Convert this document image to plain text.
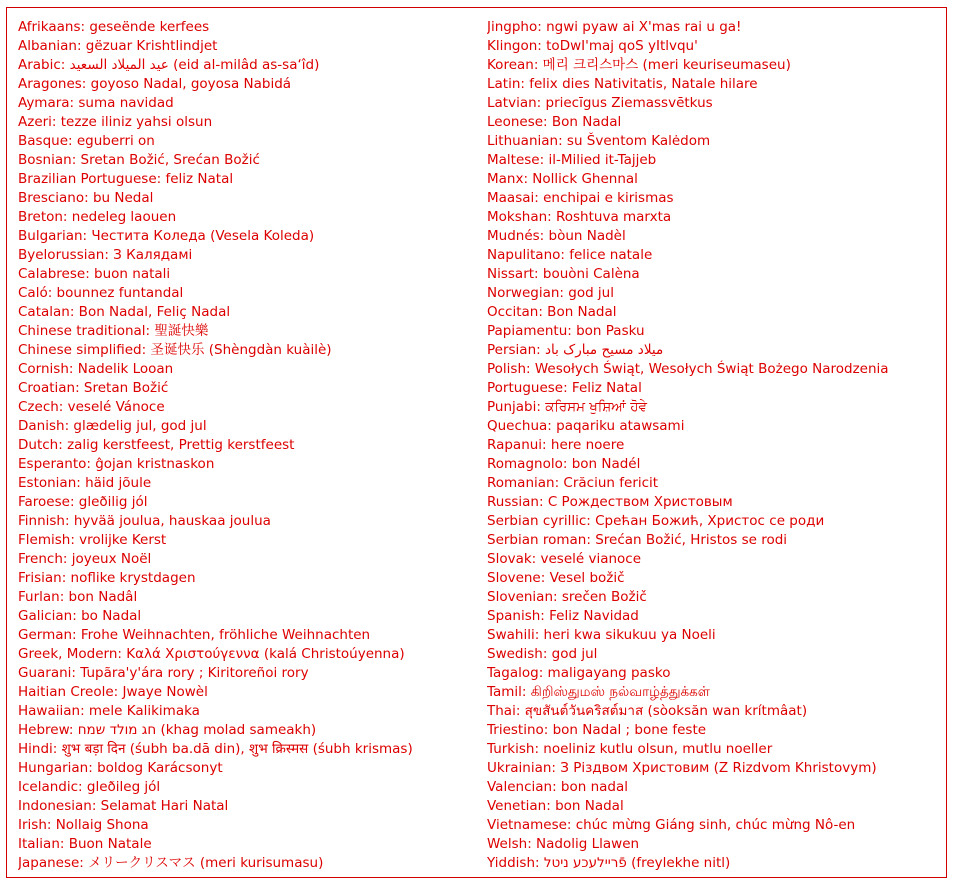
Afrikaans: geseënde kerfees
Albanian: gëzuar Krishtlindjet
Arabic: عيد الميلاد السعيد (eid al-milâd as-sa‘îd)
Aragones: goyoso Nadal, goyosa Nabidá
Aymara: suma navidad
Azeri: tezze iliniz yahsi olsun
Basque: eguberri on
Bosnian: Sretan Božić, Srećan Božić
Brazilian Portuguese: feliz Natal
Bresciano: bu Nedal
Breton: nedeleg laouen
Bulgarian: Честита Коледа (Vesela Koleda)
Byelorussian: З Калядамі
Calabrese: buon natali
Caló: bounnez funtandal
Catalan: Bon Nadal, Feliç Nadal
Chinese traditional: 聖誕快樂
Chinese simplified: 圣诞快乐 (Shèngdàn kuàilè)
Cornish: Nadelik Looan
Croatian: Sretan Božić
Czech: veselé Vánoce
Danish: glædelig jul, god jul
Dutch: zalig kerstfeest, Prettig kerstfeest
Esperanto: ĝojan kristnaskon
Estonian: häid jõule
Faroese: gleðilig jól
Finnish: hyvää joulua, hauskaa joulua
Flemish: vrolijke Kerst
French: joyeux Noël
Frisian: noflike krystdagen
Furlan: bon Nadâl
Galician: bo Nadal
German: Frohe Weihnachten, fröhliche Weihnachten
Greek, Modern: Καλά Χριστούγεννα (kalá Christoúyenna)
Guarani: Tupãra'y'ára rory ; Kiritoreñoi rory
Haitian Creole: Jwaye Nowèl
Hawaiian: mele Kalikimaka
Hebrew: חג מולד שמח (khag molad sameakh)
Hindi: शुभ बड़ा दिन (śubh ba.dā din), शुभ क्रिस्मस (śubh krismas)
Hungarian: boldog Karácsonyt
Icelandic: gleðileg jól
Indonesian: Selamat Hari Natal
Irish: Nollaig Shona
Italian: Buon Natale
Japanese: メリークリスマス (meri kurisumasu)
Jingpho: ngwi pyaw ai X'mas rai u ga!
Klingon: toDwI'maj qoS yItlvqu'
Korean: 메리 크리스마스 (meri keuriseumaseu)
Latin: felix dies Nativitatis, Natale hilare
Latvian: priecīgus Ziemassvētkus
Leonese: Bon Nadal
Lithuanian: su Šventom Kalėdom
Maltese: il-Milied it-Tajjeb
Manx: Nollick Ghennal
Maasai: enchipai e kirismas
Mokshan: Roshtuva marxta
Mudnés: bòun Nadèl
Napulitano: felice natale
Nissart: bouòni Calèna
Norwegian: god jul
Occitan: Bon Nadal
Papiamentu: bon Pasku
Persian: میلاد مسیح مبارک باد
Polish: Wesołych Świąt, Wesołych Świąt Bożego Narodzenia
Portuguese: Feliz Natal
Punjabi: ਕਰਿਸਮ ਖੁਸ਼ਿਆਂ ਹੋਵੇ
Quechua: paqariku atawsami
Rapanui: here noere
Romagnolo: bon Nadél
Romanian: Crăciun fericit
Russian: С Рождеством Христовым
Serbian cyrillic: Срећан Божић, Христос се роди
Serbian roman: Srećan Božić, Hristos se rodi
Slovak: veselé vianoce
Slovene: Vesel božič
Slovenian: srečen Božič
Spanish: Feliz Navidad
Swahili: heri kwa sikukuu ya Noeli
Swedish: god jul
Tagalog: maligayang pasko
Tamil: கிறிஸ்துமஸ் நல்வாழ்த்துக்கள்
Thai: สุขสันต์วันคริสต์มาส (sòoksăn wan krítmâat)
Triestino: bon Nadal ; bone feste
Turkish: noeliniz kutlu olsun, mutlu noeller
Ukrainian: З Різдвом Христовим (Z Rizdvom Khristovym)
Valencian: bon nadal
Venetian: bon Nadal
Vietnamese: chúc mừng Giáng sinh, chúc mừng Nô-en
Welsh: Nadolig Llawen
Yiddish: פֿריילעכע ניטל (freylekhe nitl)
